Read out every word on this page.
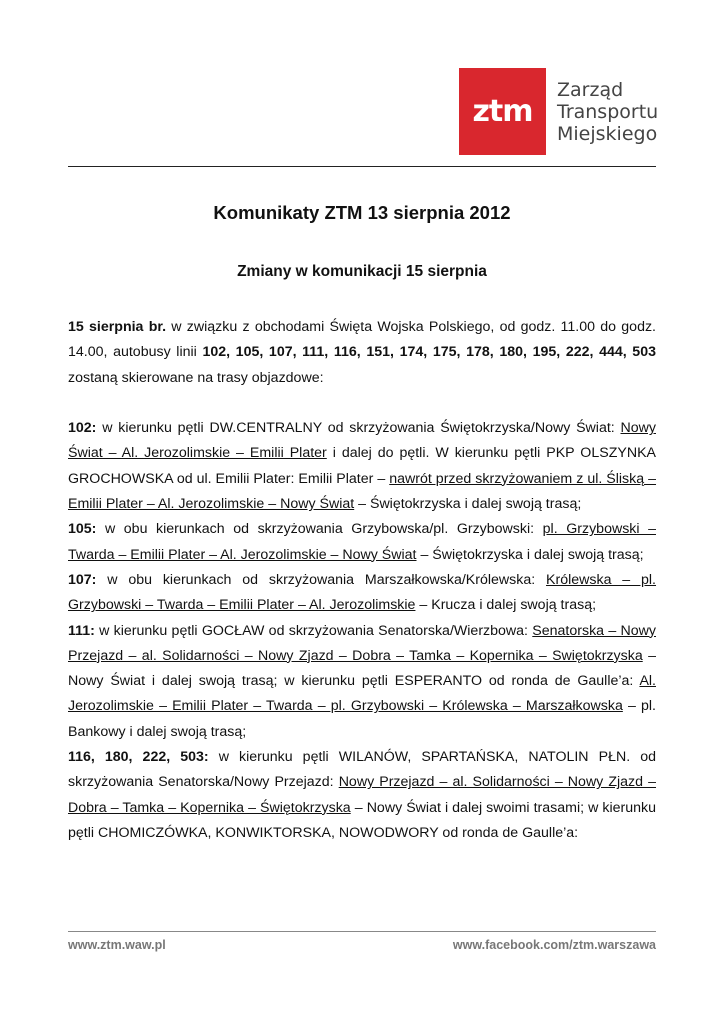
ztm
Zarząd
Transportu
Miejskiego
Komunikaty ZTM 13 sierpnia 2012
Zmiany w komunikacji 15 sierpnia

15 sierpnia br. w związku z obchodami Święta Wojska Polskiego, od godz. 11.00 do godz. 14.00, autobusy linii 102, 105, 107, 111, 116, 151, 174, 175, 178, 180, 195, 222, 444, 503 zostaną skierowane na trasy objazdowe:

102: w kierunku pętli DW.CENTRALNY od skrzyżowania Świętokrzyska/Nowy Świat: Nowy Świat – Al. Jerozolimskie – Emilii Plater i dalej do pętli. W kierunku pętli PKP OLSZYNKA GROCHOWSKA od ul. Emilii Plater: Emilii Plater – nawrót przed skrzyżowaniem z ul. Śliską – Emilii Plater – Al. Jerozolimskie – Nowy Świat – Świętokrzyska i dalej swoją trasą;

105: w obu kierunkach od skrzyżowania Grzybowska/pl. Grzybowski: pl. Grzybowski – Twarda – Emilii Plater – Al. Jerozolimskie – Nowy Świat – Świętokrzyska i dalej swoją trasą;

107: w obu kierunkach od skrzyżowania Marszałkowska/Królewska: Królewska – pl. Grzybowski – Twarda – Emilii Plater – Al. Jerozolimskie – Krucza i dalej swoją trasą;

111: w kierunku pętli GOCŁAW od skrzyżowania Senatorska/Wierzbowa: Senatorska – Nowy Przejazd – al. Solidarności – Nowy Zjazd – Dobra – Tamka – Kopernika – Swiętokrzyska – Nowy Świat i dalej swoją trasą; w kierunku pętli ESPERANTO od ronda de Gaulle’a: Al. Jerozolimskie – Emilii Plater – Twarda – pl. Grzybowski – Królewska – Marszałkowska – pl. Bankowy i dalej swoją trasą;

116, 180, 222, 503: w kierunku pętli WILANÓW, SPARTAŃSKA, NATOLIN PŁN. od skrzyżowania Senatorska/Nowy Przejazd: Nowy Przejazd – al. Solidarności – Nowy Zjazd – Dobra – Tamka – Kopernika – Świętokrzyska – Nowy Świat i dalej swoimi trasami; w kierunku pętli CHOMICZÓWKA, KONWIKTORSKA, NOWODWORY od ronda de Gaulle’a:

www.ztm.waw.pl	www.facebook.com/ztm.warszawa
